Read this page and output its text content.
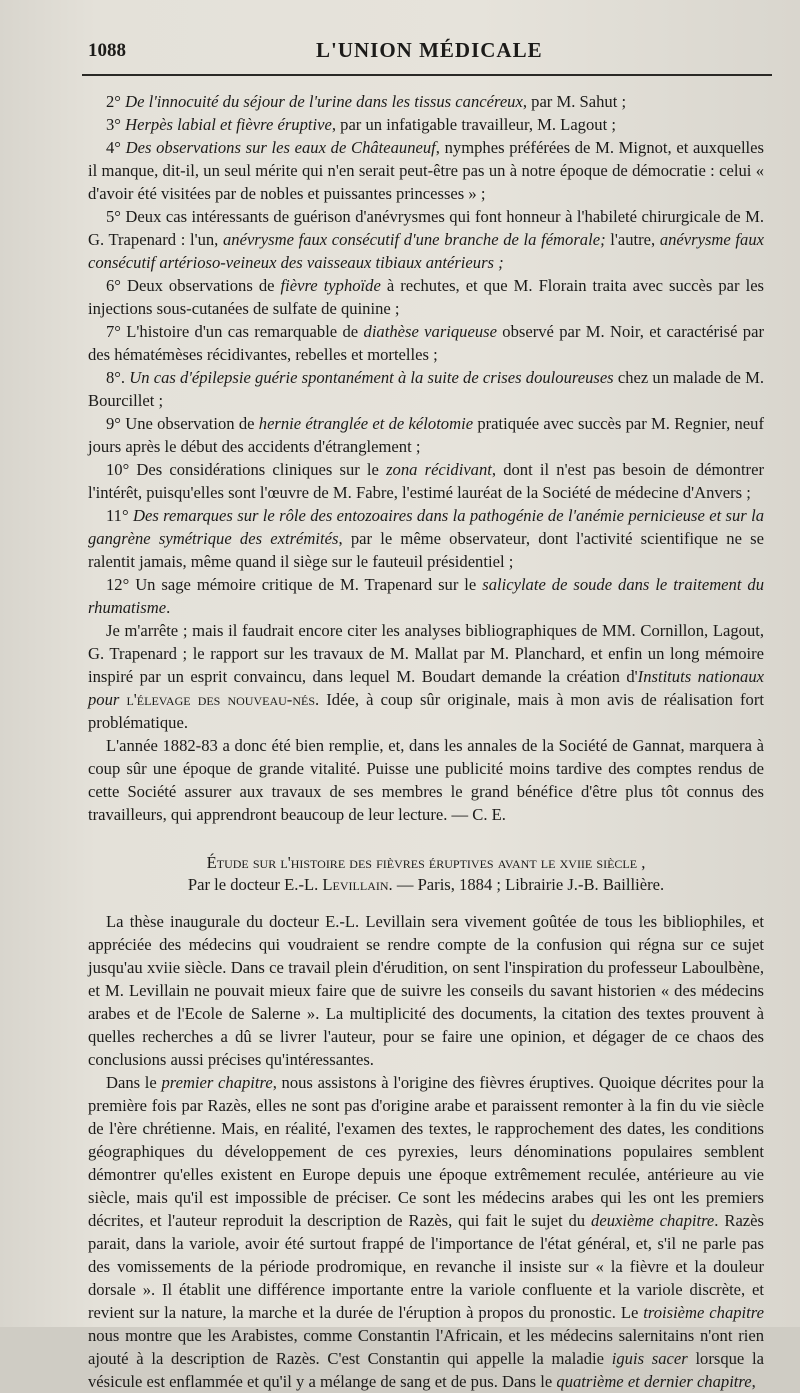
1088	L'UNION MÉDICALE

2° De l'innocuité du séjour de l'urine dans les tissus cancéreux, par M. Sahut ;

3° Herpès labial et fièvre éruptive, par un infatigable travailleur, M. Lagout ;

4° Des observations sur les eaux de Châteauneuf, nymphes préférées de M. Mignot, et auxquelles il manque, dit-il, un seul mérite qui n'en serait peut-être pas un à notre époque de démocratie : celui « d'avoir été visitées par de nobles et puissantes princesses » ;

5° Deux cas intéressants de guérison d'anévrysmes qui font honneur à l'habileté chirurgicale de M. G. Trapenard : l'un, anévrysme faux consécutif d'une branche de la fémorale; l'autre, anévrysme faux consécutif artérioso-veineux des vaisseaux tibiaux antérieurs ;

6° Deux observations de fièvre typhoïde à rechutes, et que M. Florain traita avec succès par les injections sous-cutanées de sulfate de quinine ;

7° L'histoire d'un cas remarquable de diathèse variqueuse observé par M. Noir, et caractérisé par des hématémèses récidivantes, rebelles et mortelles ;

8°. Un cas d'épilepsie guérie spontanément à la suite de crises douloureuses chez un malade de M. Bourcillet ;

9° Une observation de hernie étranglée et de kélotomie pratiquée avec succès par M. Regnier, neuf jours après le début des accidents d'étranglement ;

10° Des considérations cliniques sur le zona récidivant, dont il n'est pas besoin de démontrer l'intérêt, puisqu'elles sont l'œuvre de M. Fabre, l'estimé lauréat de la Société de médecine d'Anvers ;

11° Des remarques sur le rôle des entozoaires dans la pathogénie de l'anémie pernicieuse et sur la gangrène symétrique des extrémités, par le même observateur, dont l'activité scientifique ne se ralentit jamais, même quand il siège sur le fauteuil présidentiel ;

12° Un sage mémoire critique de M. Trapenard sur le salicylate de soude dans le traitement du rhumatisme.

Je m'arrête ; mais il faudrait encore citer les analyses bibliographiques de MM. Cornillon, Lagout, G. Trapenard ; le rapport sur les travaux de M. Mallat par M. Planchard, et enfin un long mémoire inspiré par un esprit convaincu, dans lequel M. Boudart demande la création d'Instituts nationaux pour l'élevage des nouveau-nés. Idée, à coup sûr originale, mais à mon avis de réalisation fort problématique.

L'année 1882-83 a donc été bien remplie, et, dans les annales de la Société de Gannat, marquera à coup sûr une époque de grande vitalité. Puisse une publicité moins tardive des comptes rendus de cette Société assurer aux travaux de ses membres le grand bénéfice d'être plus tôt connus des travailleurs, qui apprendront beaucoup de leur lecture. — C. E.

Étude sur l'histoire des fièvres éruptives avant le xviie siècle ,
Par le docteur E.-L. Levillain. — Paris, 1884 ; Librairie J.-B. Baillière.

La thèse inaugurale du docteur E.-L. Levillain sera vivement goûtée de tous les bibliophiles, et appréciée des médecins qui voudraient se rendre compte de la confusion qui régna sur ce sujet jusqu'au xviie siècle. Dans ce travail plein d'érudition, on sent l'inspiration du professeur Laboulbène, et M. Levillain ne pouvait mieux faire que de suivre les conseils du savant historien « des médecins arabes et de l'Ecole de Salerne ». La multiplicité des documents, la citation des textes prouvent à quelles recherches a dû se livrer l'auteur, pour se faire une opinion, et dégager de ce chaos des conclusions aussi précises qu'intéressantes.

Dans le premier chapitre, nous assistons à l'origine des fièvres éruptives. Quoique décrites pour la première fois par Razès, elles ne sont pas d'origine arabe et paraissent remonter à la fin du vie siècle de l'ère chrétienne. Mais, en réalité, l'examen des textes, le rapprochement des dates, les conditions géographiques du développement de ces pyrexies, leurs dénominations populaires semblent démontrer qu'elles existent en Europe depuis une époque extrêmement reculée, antérieure au vie siècle, mais qu'il est impossible de préciser. Ce sont les médecins arabes qui les ont les premiers décrites, et l'auteur reproduit la description de Razès, qui fait le sujet du deuxième chapitre. Razès parait, dans la variole, avoir été surtout frappé de l'importance de l'état général, et, s'il ne parle pas des vomissements de la période prodromique, en revanche il insiste sur « la fièvre et la douleur dorsale ». Il établit une différence importante entre la variole confluente et la variole discrète, et revient sur la nature, la marche et la durée de l'éruption à propos du pronostic. Le troisième chapitre nous montre que les Arabistes, comme Constantin l'Africain, et les médecins salernitains n'ont rien ajouté à la description de Razès. C'est Constantin qui appelle la maladie iguis sacer lorsque la vésicule est enflammée et qu'il y a mélange de sang et de pus. Dans le quatrième et dernier chapitre,
